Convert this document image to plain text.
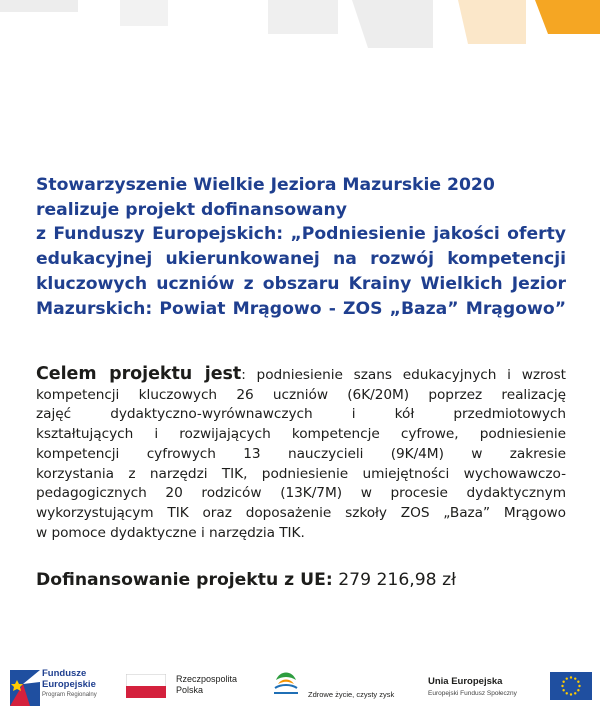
Stowarzyszenie Wielkie Jeziora Mazurskie 2020
realizuje projekt dofinansowany
z Funduszy Europejskich: „Podniesienie jakości oferty
edukacyjnej ukierunkowanej na rozwój kompetencji
kluczowych uczniów z obszaru Krainy Wielkich Jezior
Mazurskich: Powiat Mrągowo - ZOS „Baza” Mrągowo”
Celem projektu jest: podniesienie szans edukacyjnych i wzrost
kompetencji kluczowych 26 uczniów (6K/20M) poprzez realizację
zajęć dydaktyczno-wyrównawczych i kół przedmiotowych
kształtujących i rozwijających kompetencje cyfrowe, podniesienie
kompetencji cyfrowych 13 nauczycieli (9K/4M) w zakresie
korzystania z narzędzi TIK, podniesienie umiejętności wychowawczo-
pedagogicznych 20 rodziców (13K/7M) w procesie dydaktycznym
wykorzystującym TIK oraz doposażenie szkoły ZOS „Baza” Mrągowo
w pomoce dydaktyczne i narzędzia TIK.
Dofinansowanie projektu z UE: 279 216,98 zł
Fundusze
Europejskie
Program Regionalny
Rzeczpospolita
Polska	Zdrowe życie, czysty zysk
Unia Europejska
Europejski Fundusz Społeczny
